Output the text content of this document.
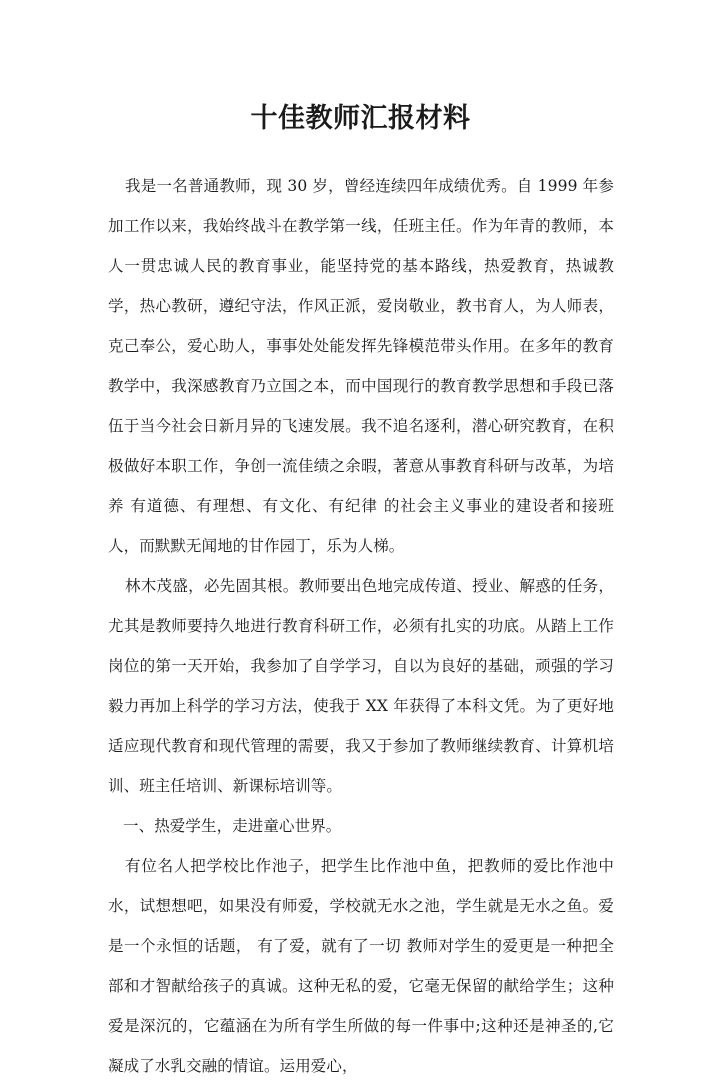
十佳教师汇报材料

我是一名普通教师，现 30 岁，曾经连续四年成绩优秀。自 1999 年参加工作以来，我始终战斗在教学第一线，任班主任。作为年青的教师，本人一贯忠诚人民的教育事业，能坚持党的基本路线，热爱教育，热诚教学，热心教研，遵纪守法，作风正派，爱岗敬业，教书育人，为人师表，克己奉公，爱心助人，事事处处能发挥先锋模范带头作用。在多年的教育教学中，我深感教育乃立国之本，而中国现行的教育教学思想和手段已落伍于当今社会日新月异的飞速发展。我不追名逐利，潜心研究教育，在积极做好本职工作，争创一流佳绩之余暇，著意从事教育科研与改革，为培养 有道德、有理想、有文化、有纪律 的社会主义事业的建设者和接班人，而默默无闻地的甘作园丁，乐为人梯。

林木茂盛，必先固其根。教师要出色地完成传道、授业、解惑的任务，尤其是教师要持久地进行教育科研工作，必须有扎实的功底。从踏上工作岗位的第一天开始，我参加了自学学习，自以为良好的基础，顽强的学习毅力再加上科学的学习方法，使我于 XX 年获得了本科文凭。为了更好地适应现代教育和现代管理的需要，我又于参加了教师继续教育、计算机培训、班主任培训、新课标培训等。

一、热爱学生，走进童心世界。

有位名人把学校比作池子，把学生比作池中鱼，把教师的爱比作池中水，试想想吧，如果没有师爱，学校就无水之池，学生就是无水之鱼。爱是一个永恒的话题， 有了爱，就有了一切 教师对学生的爱更是一种把全部和才智献给孩子的真诚。这种无私的爱，它毫无保留的献给学生；这种爱是深沉的，它蕴涵在为所有学生所做的每一件事中;这种还是神圣的,它凝成了水乳交融的情谊。运用爱心，
